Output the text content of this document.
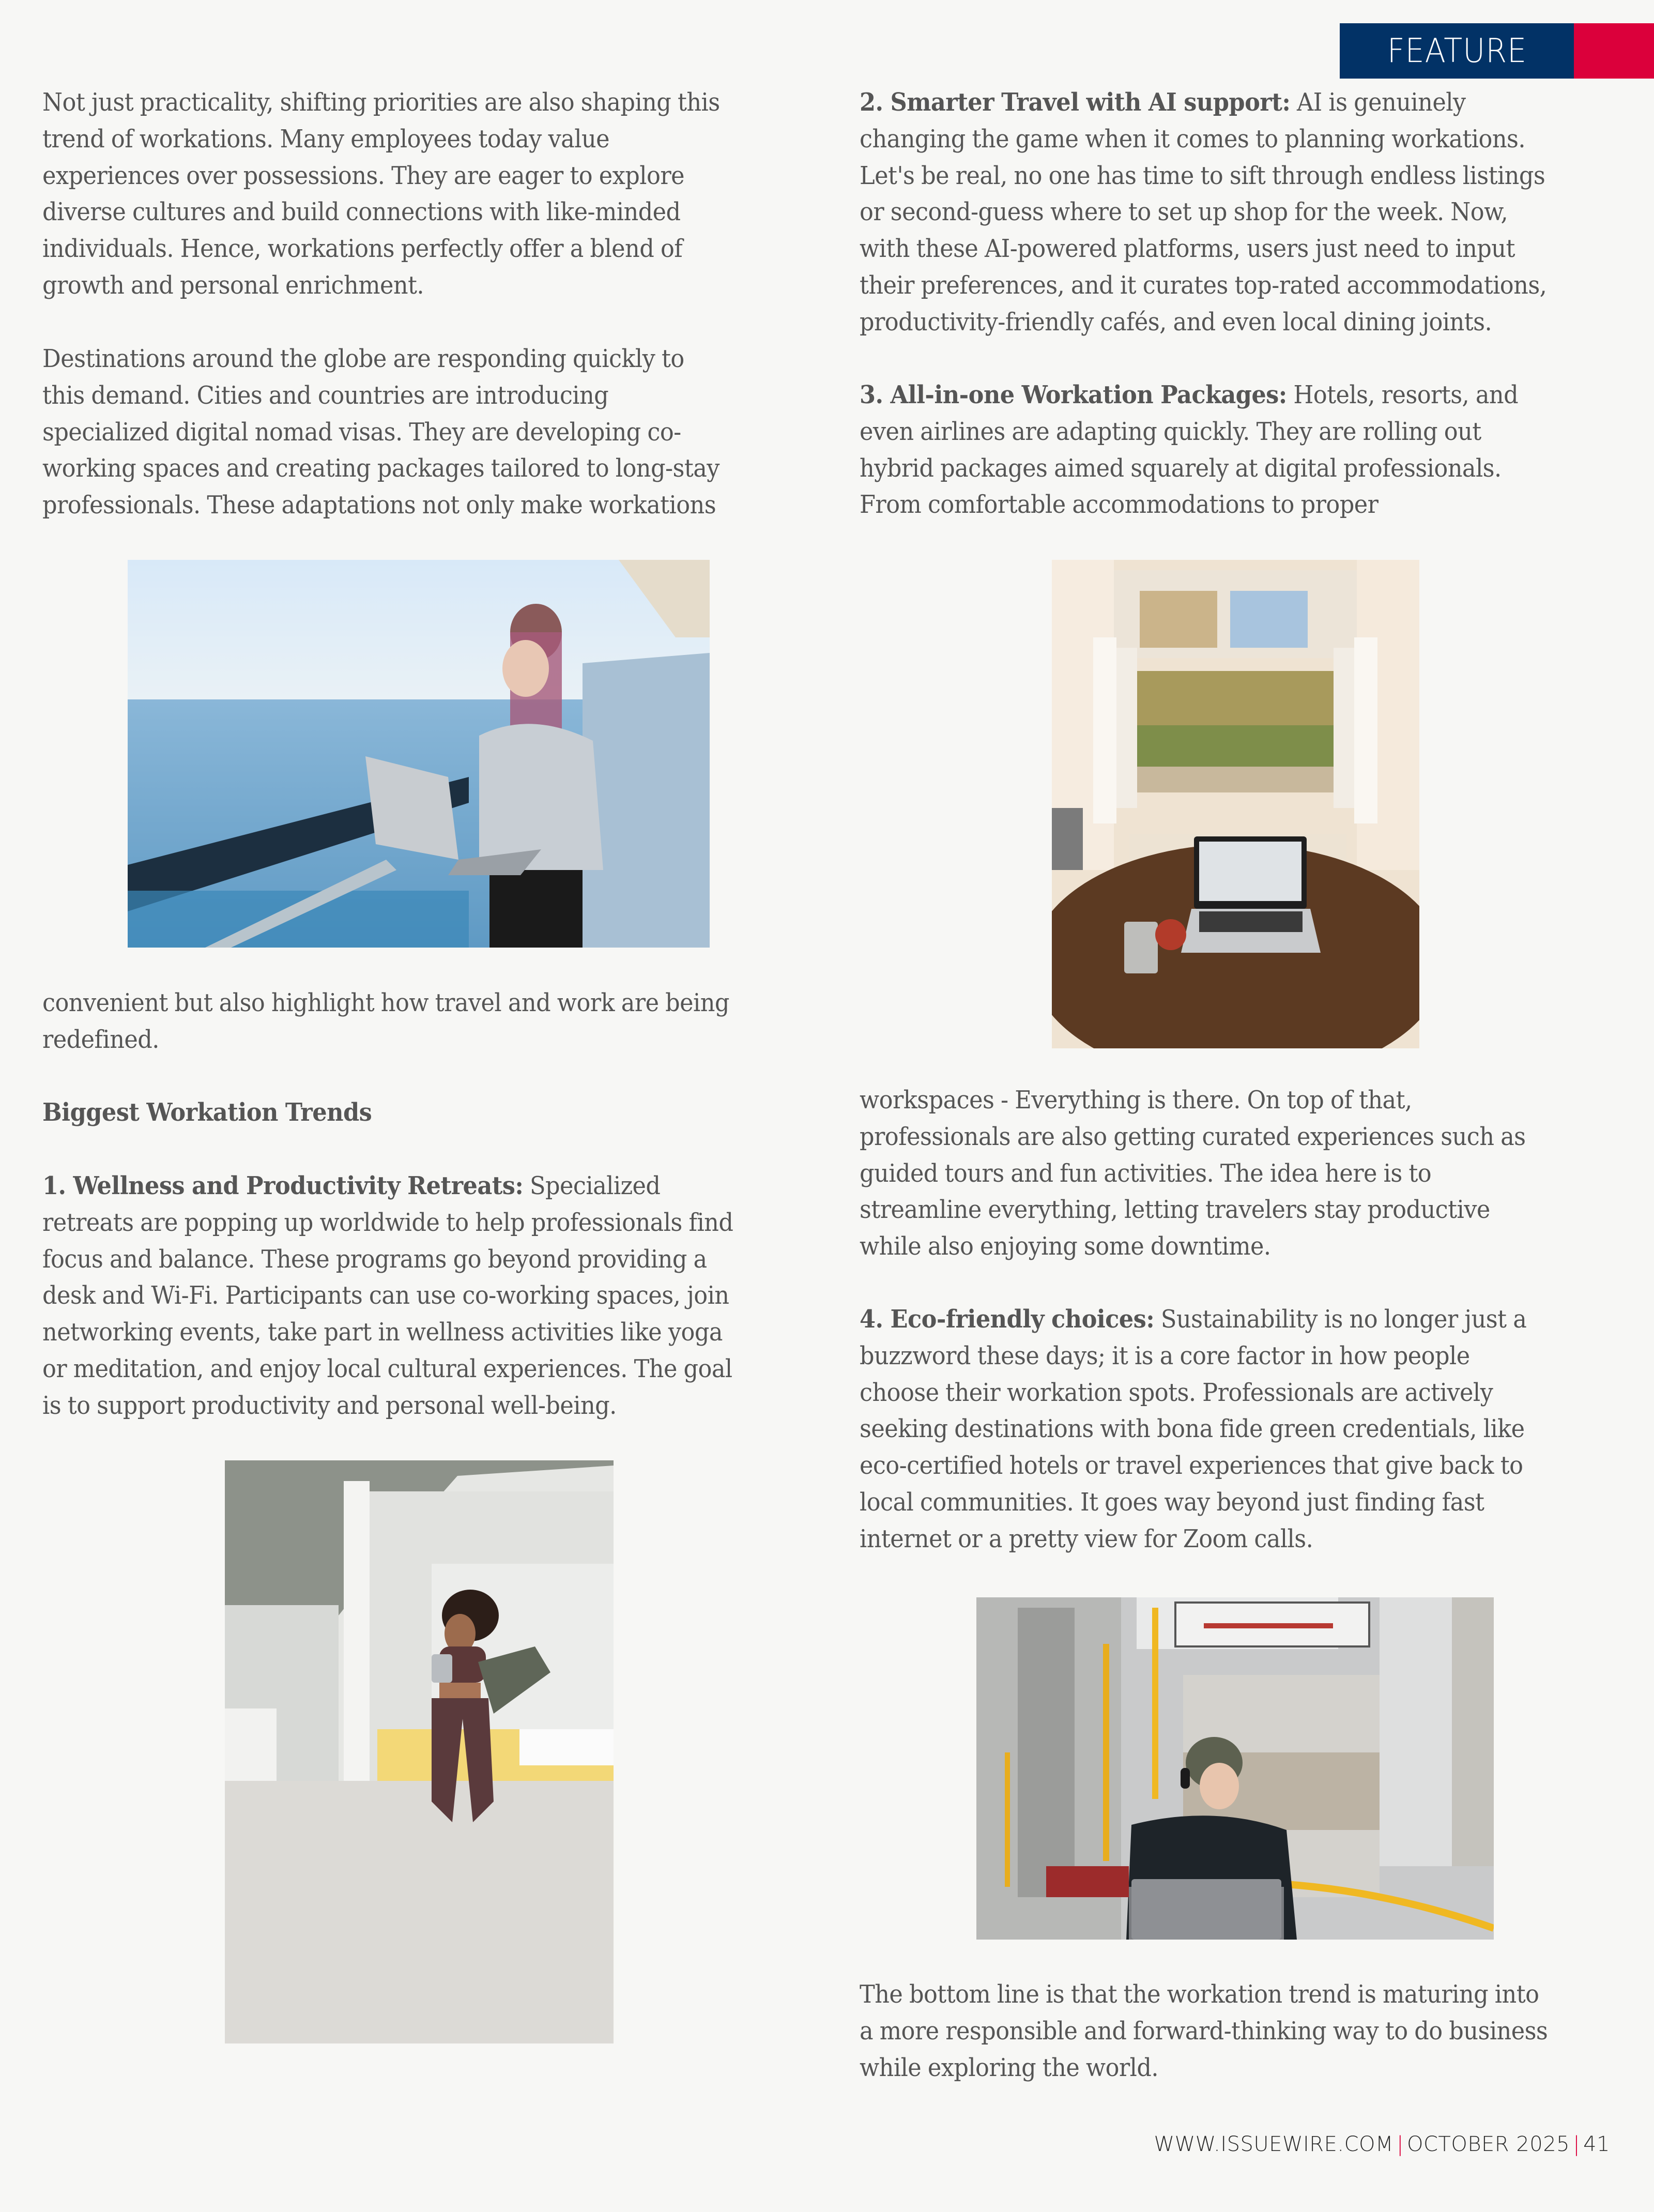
FEATURE
Not just practicality, shifting priorities are also shaping this
trend of workations. Many employees today value
experiences over possessions. They are eager to explore
diverse cultures and build connections with like-minded
individuals. Hence, workations perfectly offer a blend of
growth and personal enrichment.
Destinations around the globe are responding quickly to
this demand. Cities and countries are introducing
specialized digital nomad visas. They are developing co-
working spaces and creating packages tailored to long-stay
professionals. These adaptations not only make workations
convenient but also highlight how travel and work are being
redefined.
Biggest Workation Trends
1. Wellness and Productivity Retreats: Specialized
retreats are popping up worldwide to help professionals find
focus and balance. These programs go beyond providing a
desk and Wi-Fi. Participants can use co-working spaces, join
networking events, take part in wellness activities like yoga
or meditation, and enjoy local cultural experiences. The goal
is to support productivity and personal well-being.
2. Smarter Travel with AI support: AI is genuinely
changing the game when it comes to planning workations.
Let's be real, no one has time to sift through endless listings
or second-guess where to set up shop for the week. Now,
with these AI-powered platforms, users just need to input
their preferences, and it curates top-rated accommodations,
productivity-friendly cafés, and even local dining joints.
3. All-in-one Workation Packages: Hotels, resorts, and
even airlines are adapting quickly. They are rolling out
hybrid packages aimed squarely at digital professionals.
From comfortable accommodations to proper
workspaces - Everything is there. On top of that,
professionals are also getting curated experiences such as
guided tours and fun activities. The idea here is to
streamline everything, letting travelers stay productive
while also enjoying some downtime.
4. Eco-friendly choices: Sustainability is no longer just a
buzzword these days; it is a core factor in how people
choose their workation spots. Professionals are actively
seeking destinations with bona fide green credentials, like
eco-certified hotels or travel experiences that give back to
local communities. It goes way beyond just finding fast
internet or a pretty view for Zoom calls.
The bottom line is that the workation trend is maturing into
a more responsible and forward-thinking way to do business
while exploring the world.
WWW.ISSUEWIRE.COM | OCTOBER 2025 | 41
